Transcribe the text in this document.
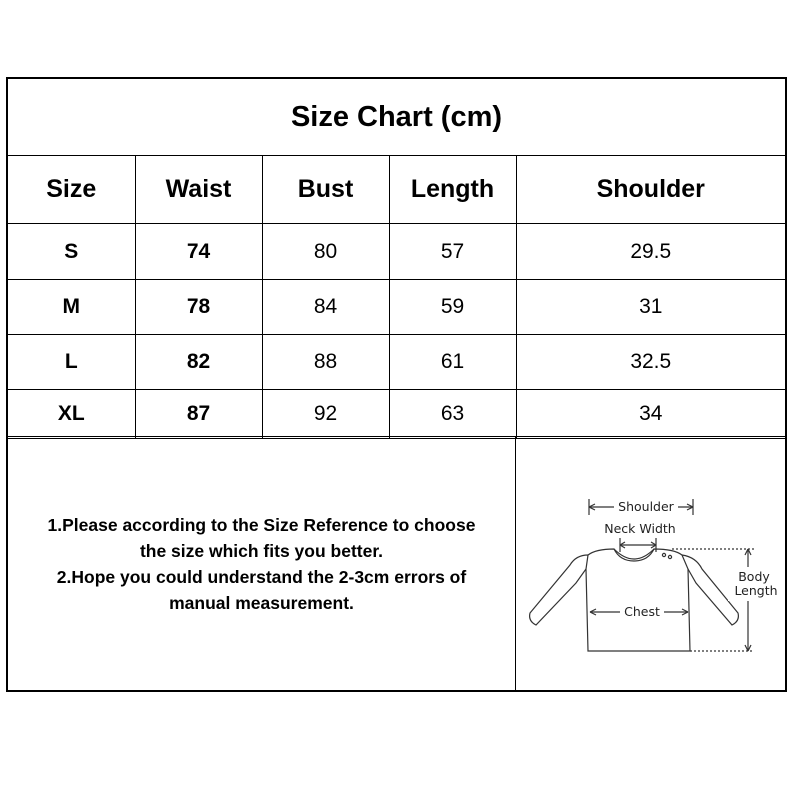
Size Chart (cm)
Size	Waist	Bust	Length	Shoulder
S	74	80	57	29.5
M	78	84	59	31
L	82	88	61	32.5
XL	87	92	63	34
1.Please according to the Size Reference to choose
the size which fits you better.
2.Hope you could understand the 2-3cm errors of
manual measurement.
Shoulder
Neck Width
Chest
Body
Length
